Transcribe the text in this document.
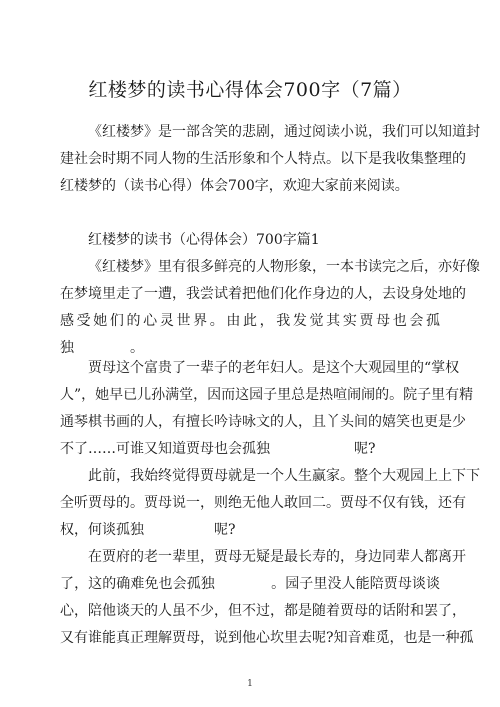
红楼梦的读书心得体会700字（7篇）
《红楼梦》是一部含笑的悲剧，通过阅读小说，我们可以知道封
建社会时期不同人物的生活形象和个人特点。以下是我收集整理的
红楼梦的（读书心得）体会700字，欢迎大家前来阅读。
红楼梦的读书（心得体会）700字篇1
《红楼梦》里有很多鲜亮的人物形象，一本书读完之后，亦好像
在梦境里走了一遭，我尝试着把他们化作身边的人，去设身处地的
感受她们的心灵世界。由此，我发觉其实贾母也会孤
独　　　　。
贾母这个富贵了一辈子的老年妇人。是这个大观园里的“掌权
人”，她早已儿孙满堂，因而这园子里总是热喧闹闹的。院子里有精
通琴棋书画的人，有擅长吟诗咏文的人，且丫头间的嬉笑也更是少
不了……可谁又知道贾母也会孤独　　　　　　呢?
此前，我始终觉得贾母就是一个人生赢家。整个大观园上上下下
全听贾母的。贾母说一，则绝无他人敢回二。贾母不仅有钱，还有
权，何谈孤独　　　　　呢?
在贾府的老一辈里，贾母无疑是最长寿的，身边同辈人都离开
了，这的确难免也会孤独　　　　。园子里没人能陪贾母谈谈
心，陪他谈天的人虽不少，但不过，都是随着贾母的话附和罢了，
又有谁能真正理解贾母，说到他心坎里去呢?知音难觅，也是一种孤
1
